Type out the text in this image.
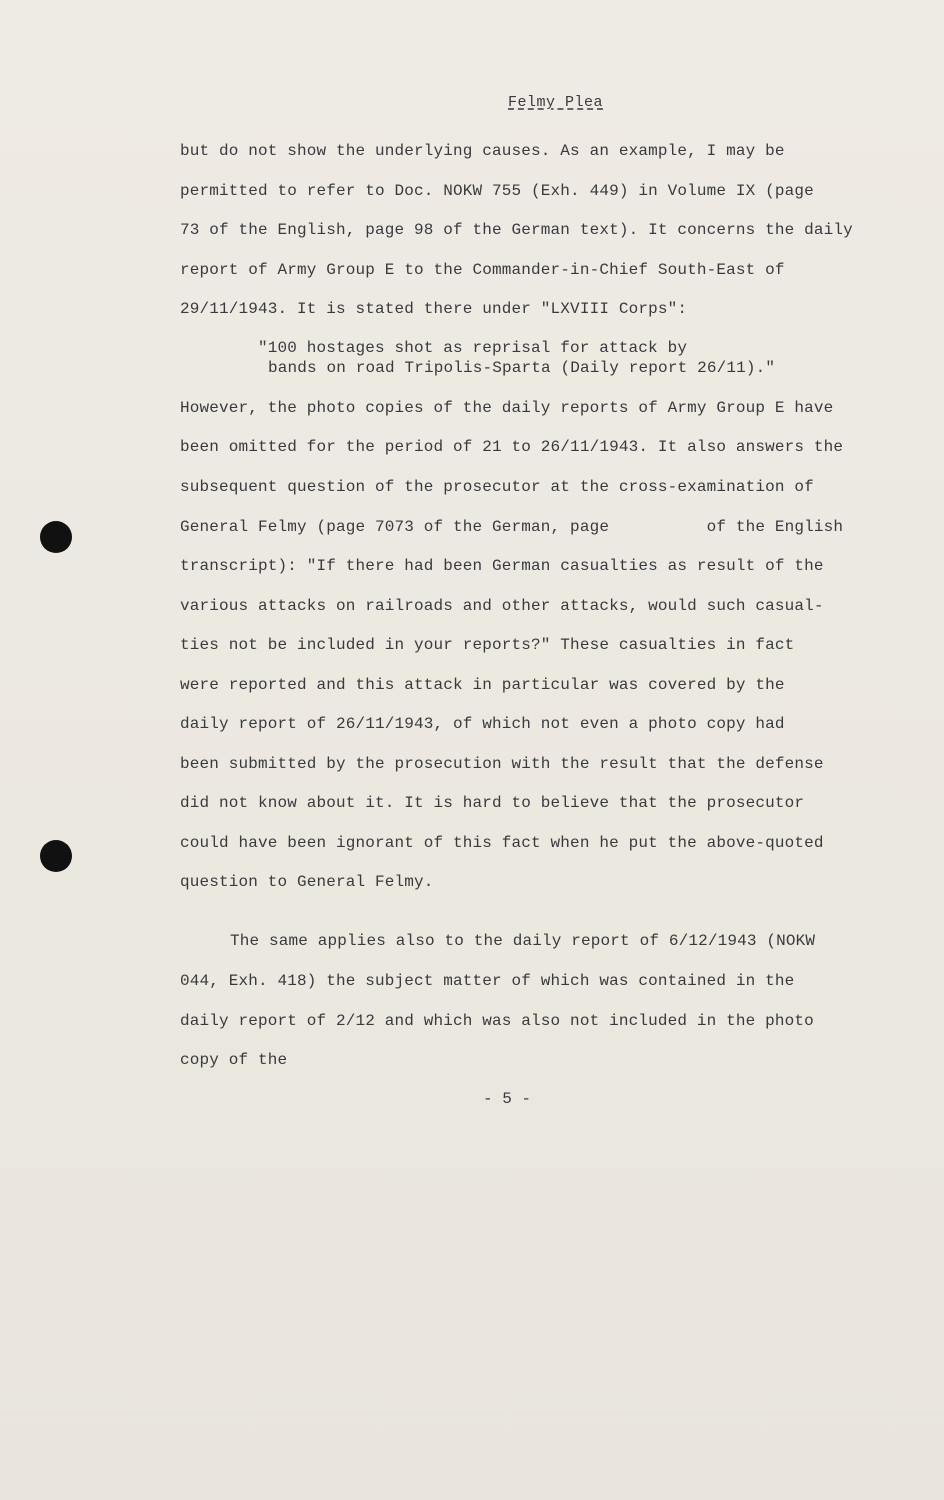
Felmy Plea
but do not show the underlying causes. As an example, I may be
permitted to refer to Doc. NOKW 755 (Exh. 449) in Volume IX (page
73 of the English, page 98 of the German text). It concerns the daily
report of Army Group E to the Commander-in-Chief South-East of
29/11/1943. It is stated there under "LXVIII Corps":
"100 hostages shot as reprisal for attack by
bands on road Tripolis-Sparta (Daily report 26/11)."
However, the photo copies of the daily reports of Army Group E have
been omitted for the period of 21 to 26/11/1943. It also answers the
subsequent question of the prosecutor at the cross-examination of
General Felmy (page 7073 of the German, page          of the English
transcript): "If there had been German casualties as result of the
various attacks on railroads and other attacks, would such casual-
ties not be included in your reports?" These casualties in fact
were reported and this attack in particular was covered by the
daily report of 26/11/1943, of which not even a photo copy had
been submitted by the prosecution with the result that the defense
did not know about it. It is hard to believe that the prosecutor
could have been ignorant of this fact when he put the above-quoted
question to General Felmy.
The same applies also to the daily report of 6/12/1943 (NOKW
044, Exh. 418) the subject matter of which was contained in the
daily report of 2/12 and which was also not included in the photo
copy of the
- 5 -
